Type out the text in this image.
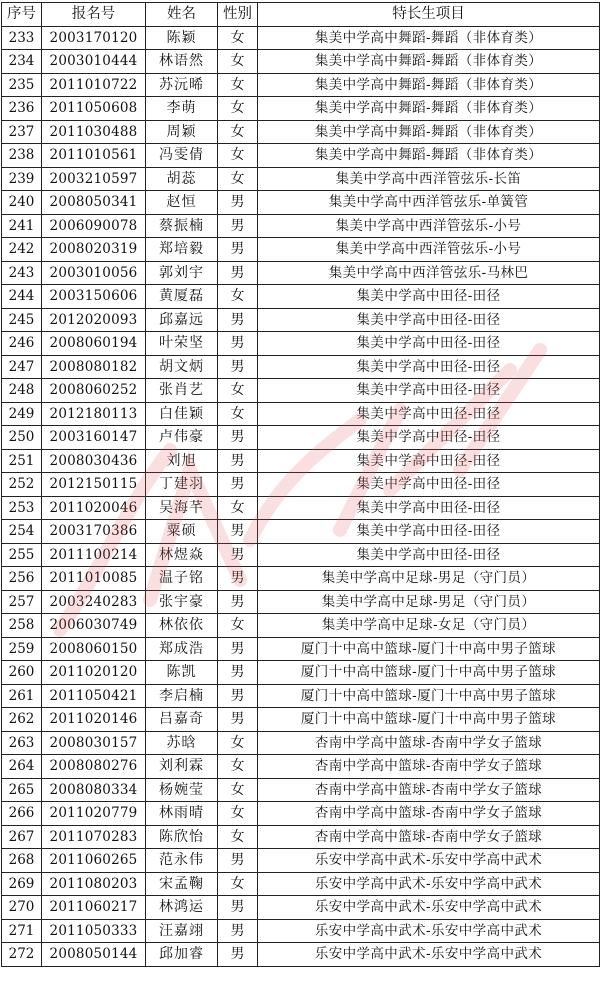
序号	报名号	姓名	性别	特长生项目
233	2003170120	陈颖	女	集美中学高中舞蹈-舞蹈（非体育类）
234	2003010444	林语然	女	集美中学高中舞蹈-舞蹈（非体育类）
235	2011010722	苏沅晞	女	集美中学高中舞蹈-舞蹈（非体育类）
236	2011050608	李萌	女	集美中学高中舞蹈-舞蹈（非体育类）
237	2011030488	周颖	女	集美中学高中舞蹈-舞蹈（非体育类）
238	2011010561	冯雯倩	女	集美中学高中舞蹈-舞蹈（非体育类）
239	2003210597	胡蕊	女	集美中学高中西洋管弦乐-长笛
240	2008050341	赵恒	男	集美中学高中西洋管弦乐-单簧管
241	2006090078	蔡振楠	男	集美中学高中西洋管弦乐-小号
242	2008020319	郑培毅	男	集美中学高中西洋管弦乐-小号
243	2003010056	郭刘宇	男	集美中学高中西洋管弦乐-马林巴
244	2003150606	黄厦磊	女	集美中学高中田径-田径
245	2012020093	邱嘉远	男	集美中学高中田径-田径
246	2008060194	叶荣坚	男	集美中学高中田径-田径
247	2008080182	胡文炳	男	集美中学高中田径-田径
248	2008060252	张肖艺	女	集美中学高中田径-田径
249	2012180113	白佳颖	女	集美中学高中田径-田径
250	2003160147	卢伟豪	男	集美中学高中田径-田径
251	2008030436	刘旭	男	集美中学高中田径-田径
252	2012150115	丁建羽	男	集美中学高中田径-田径
253	2011020046	吴海芊	女	集美中学高中田径-田径
254	2003170386	粟硕	男	集美中学高中田径-田径
255	2011100214	林煜焱	男	集美中学高中田径-田径
256	2011010085	温子铭	男	集美中学高中足球-男足（守门员）
257	2003240283	张宇豪	男	集美中学高中足球-男足（守门员）
258	2006030749	林依依	女	集美中学高中足球-女足（守门员）
259	2008060150	郑成浩	男	厦门十中高中篮球-厦门十中高中男子篮球
260	2011020120	陈凯	男	厦门十中高中篮球-厦门十中高中男子篮球
261	2011050421	李启楠	男	厦门十中高中篮球-厦门十中高中男子篮球
262	2011020146	吕嘉奇	男	厦门十中高中篮球-厦门十中高中男子篮球
263	2008030157	苏晗	女	杏南中学高中篮球-杏南中学女子篮球
264	2008080276	刘利霖	女	杏南中学高中篮球-杏南中学女子篮球
265	2008080334	杨婉莹	女	杏南中学高中篮球-杏南中学女子篮球
266	2011020779	林雨晴	女	杏南中学高中篮球-杏南中学女子篮球
267	2011070283	陈欣怡	女	杏南中学高中篮球-杏南中学女子篮球
268	2011060265	范永伟	男	乐安中学高中武术-乐安中学高中武术
269	2011080203	宋孟鞠	女	乐安中学高中武术-乐安中学高中武术
270	2011060217	林鸿运	男	乐安中学高中武术-乐安中学高中武术
271	2011050333	汪嘉翊	男	乐安中学高中武术-乐安中学高中武术
272	2008050144	邱加睿	男	乐安中学高中武术-乐安中学高中武术
